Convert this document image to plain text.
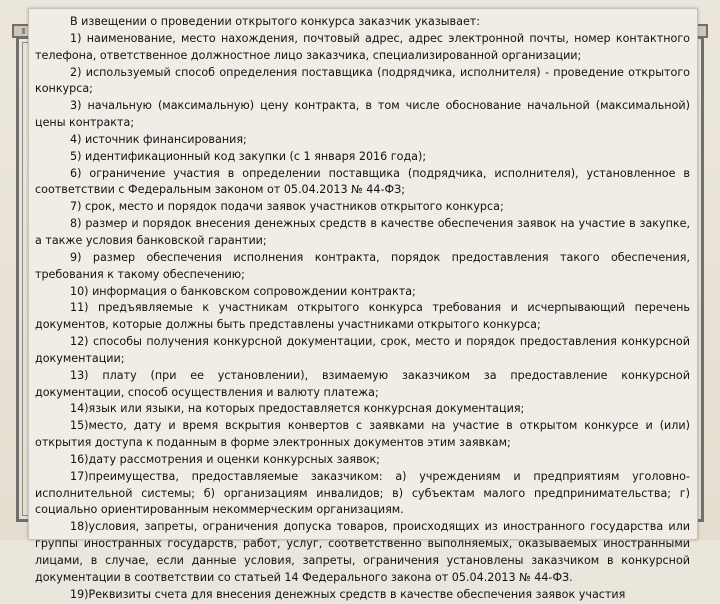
В извещении о проведении открытого конкурса заказчик указывает:

1) наименование, место нахождения, почтовый адрес, адрес электронной почты, номер контактного телефона, ответственное должностное лицо заказчика, специализированной организации;

2) используемый способ определения поставщика (подрядчика, исполнителя) - проведение открытого конкурса;

3) начальную (максимальную) цену контракта, в том числе обоснование начальной (максимальной) цены контракта;

4) источник финансирования;

5) идентификационный код закупки (с 1 января 2016 года);

6) ограничение участия в определении поставщика (подрядчика, исполнителя), установленное в соответствии с Федеральным законом от 05.04.2013 № 44-ФЗ;

7) срок, место и порядок подачи заявок участников открытого конкурса;

8) размер и порядок внесения денежных средств в качестве обеспечения заявок на участие в закупке, а также условия банковской гарантии;

9) размер обеспечения исполнения контракта, порядок предоставления такого обеспечения, требования к такому обеспечению;

10) информация о банковском сопровождении контракта;

11) предъявляемые к участникам открытого конкурса требования и исчерпывающий перечень документов, которые должны быть представлены участниками открытого конкурса;

12) способы получения конкурсной документации, срок, место и порядок предоставления конкурсной документации;

13) плату (при ее установлении), взимаемую заказчиком за предоставление конкурсной документации, способ осуществления и валюту платежа;

14)язык или языки, на которых предоставляется конкурсная документация;

15)место, дату и время вскрытия конвертов с заявками на участие в открытом конкурсе и (или) открытия доступа к поданным в форме электронных документов этим заявкам;

16)дату рассмотрения и оценки конкурсных заявок;

17)преимущества, предоставляемые заказчиком: а) учреждениям и предприятиям уголовно-исполнительной системы; б) организациям инвалидов; в) субъектам малого предпринимательства; г) социально ориентированным некоммерческим организациям.

18)условия, запреты, ограничения допуска товаров, происходящих из иностранного государства или группы иностранных государств, работ, услуг, соответственно выполняемых, оказываемых иностранными лицами, в случае, если данные условия, запреты, ограничения установлены заказчиком в конкурсной документации в соответствии со статьей 14 Федерального закона от 05.04.2013 № 44-ФЗ.

19)Реквизиты счета для внесения денежных средств в качестве обеспечения заявок участия
